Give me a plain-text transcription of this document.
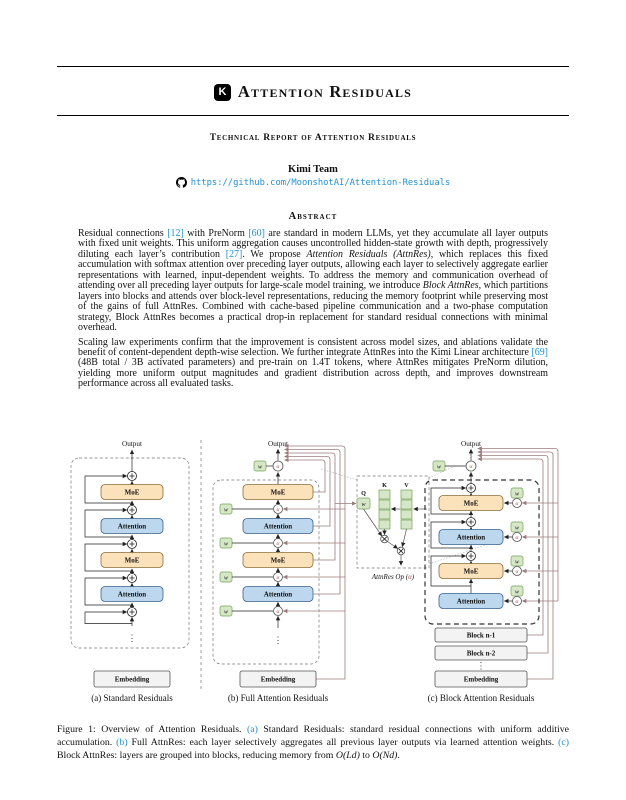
K Attention Residuals
Technical Report of Attention Residuals
Kimi Team
https://github.com/MoonshotAI/Attention-Residuals
Abstract

Residual connections [12] with PreNorm [60] are standard in modern LLMs, yet they accumulate all layer outputs with fixed unit weights. This uniform aggregation causes uncontrolled hidden-state growth with depth, progressively diluting each layer’s contribution [27]. We propose Attention Residuals (AttnRes), which replaces this fixed accumulation with softmax attention over preceding layer outputs, allowing each layer to selectively aggregate earlier representations with learned, input-dependent weights. To address the memory and communication overhead of attending over all preceding layer outputs for large-scale model training, we introduce Block AttnRes, which partitions layers into blocks and attends over block-level representations, reducing the memory footprint while preserving most of the gains of full AttnRes. Combined with cache-based pipeline communication and a two-phase computation strategy, Block AttnRes becomes a practical drop-in replacement for standard residual connections with minimal overhead.

Scaling law experiments confirm that the improvement is consistent across model sizes, and ablations validate the benefit of content-dependent depth-wise selection. We further integrate AttnRes into the Kimi Linear architecture [69] (48B total / 3B activated parameters) and pre-train on 1.4T tokens, where AttnRes mitigates PreNorm dilution, yielding more uniform output magnitudes and gradient distribution across depth, and improves downstream performance across all evaluated tasks.

Output
MoE
Attention
MoE
Attention
⋮
Embedding
(a) Standard Residuals
Output
w	α
w	α
w	α
w	α
w	α
MoE
Attention
MoE
Attention
⋮
Embedding
(b) Full Attention Residuals
Q
K	V
w
AttnRes Op (α)
Output
w	α
MoE
Attention
MoE
Attention
w
α
w
α
w
α
w
α
Block n-1
Block n-2
⋮
Embedding
(c) Block Attention Residuals

Figure 1: Overview of Attention Residuals. (a) Standard Residuals: standard residual connections with uniform additive accumulation. (b) Full AttnRes: each layer selectively aggregates all previous layer outputs via learned attention weights. (c) Block AttnRes: layers are grouped into blocks, reducing memory from O(Ld) to O(Nd).
